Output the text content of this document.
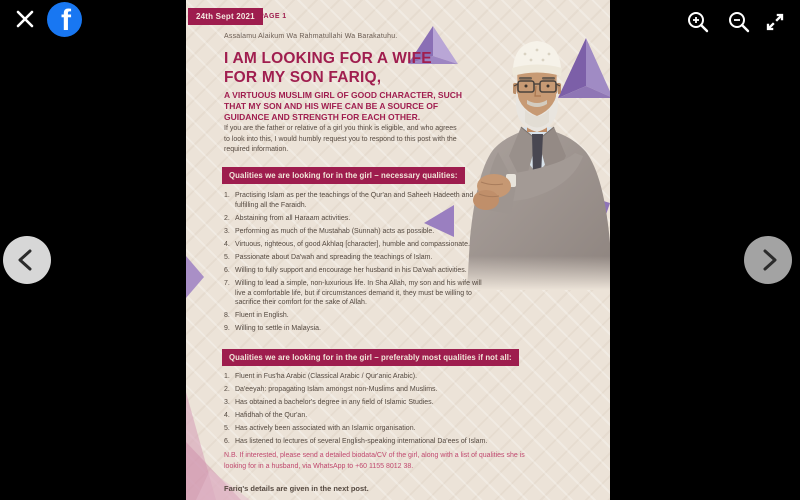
f	24th Sept 2021 PAGE 1
Assalamu Alaikum Wa Rahmatullahi Wa Barakatuhu.
I AM LOOKING FOR A WIFE
FOR MY SON FARIQ,
A VIRTUOUS MUSLIM GIRL OF GOOD CHARACTER, SUCH THAT MY SON AND HIS WIFE CAN BE A SOURCE OF GUIDANCE AND STRENGTH FOR EACH OTHER.

If you are the father or relative of a girl you think is eligible, and who agrees to look into this, I would humbly request you to respond to this post with the required information.

Qualities we are looking for in the girl – necessary qualities:
Practising Islam as per the teachings of the Qur'an and Saheeh Hadeeth and fulfilling all the Faraidh.
Abstaining from all Haraam activities.
Performing as much of the Mustahab (Sunnah) acts as possible.
Virtuous, righteous, of good Akhlaq [character], humble and compassionate.
Passionate about Da'wah and spreading the teachings of Islam.
Willing to fully support and encourage her husband in his Da'wah activities.
Willing to lead a simple, non-luxurious life. In Sha Allah, my son and his wife will live a comfortable life, but if circumstances demand it, they must be willing to sacrifice their comfort for the sake of Allah.
Fluent in English.
Willing to settle in Malaysia.
Qualities we are looking for in the girl – preferably most qualities if not all:
Fluent in Fus'ha Arabic (Classical Arabic / Qur'anic Arabic).
Da'eeyah: propagating Islam amongst non-Muslims and Muslims.
Has obtained a bachelor's degree in any field of Islamic Studies.
Hafidhah of the Qur'an.
Has actively been associated with an Islamic organisation.
Has listened to lectures of several English-speaking international Da'ees of Islam.

N.B. If interested, please send a detailed biodata/CV of the girl, along with a list of qualities she is looking for in a husband, via WhatsApp to +60 1155 8012 38.

Fariq's details are given in the next post.
